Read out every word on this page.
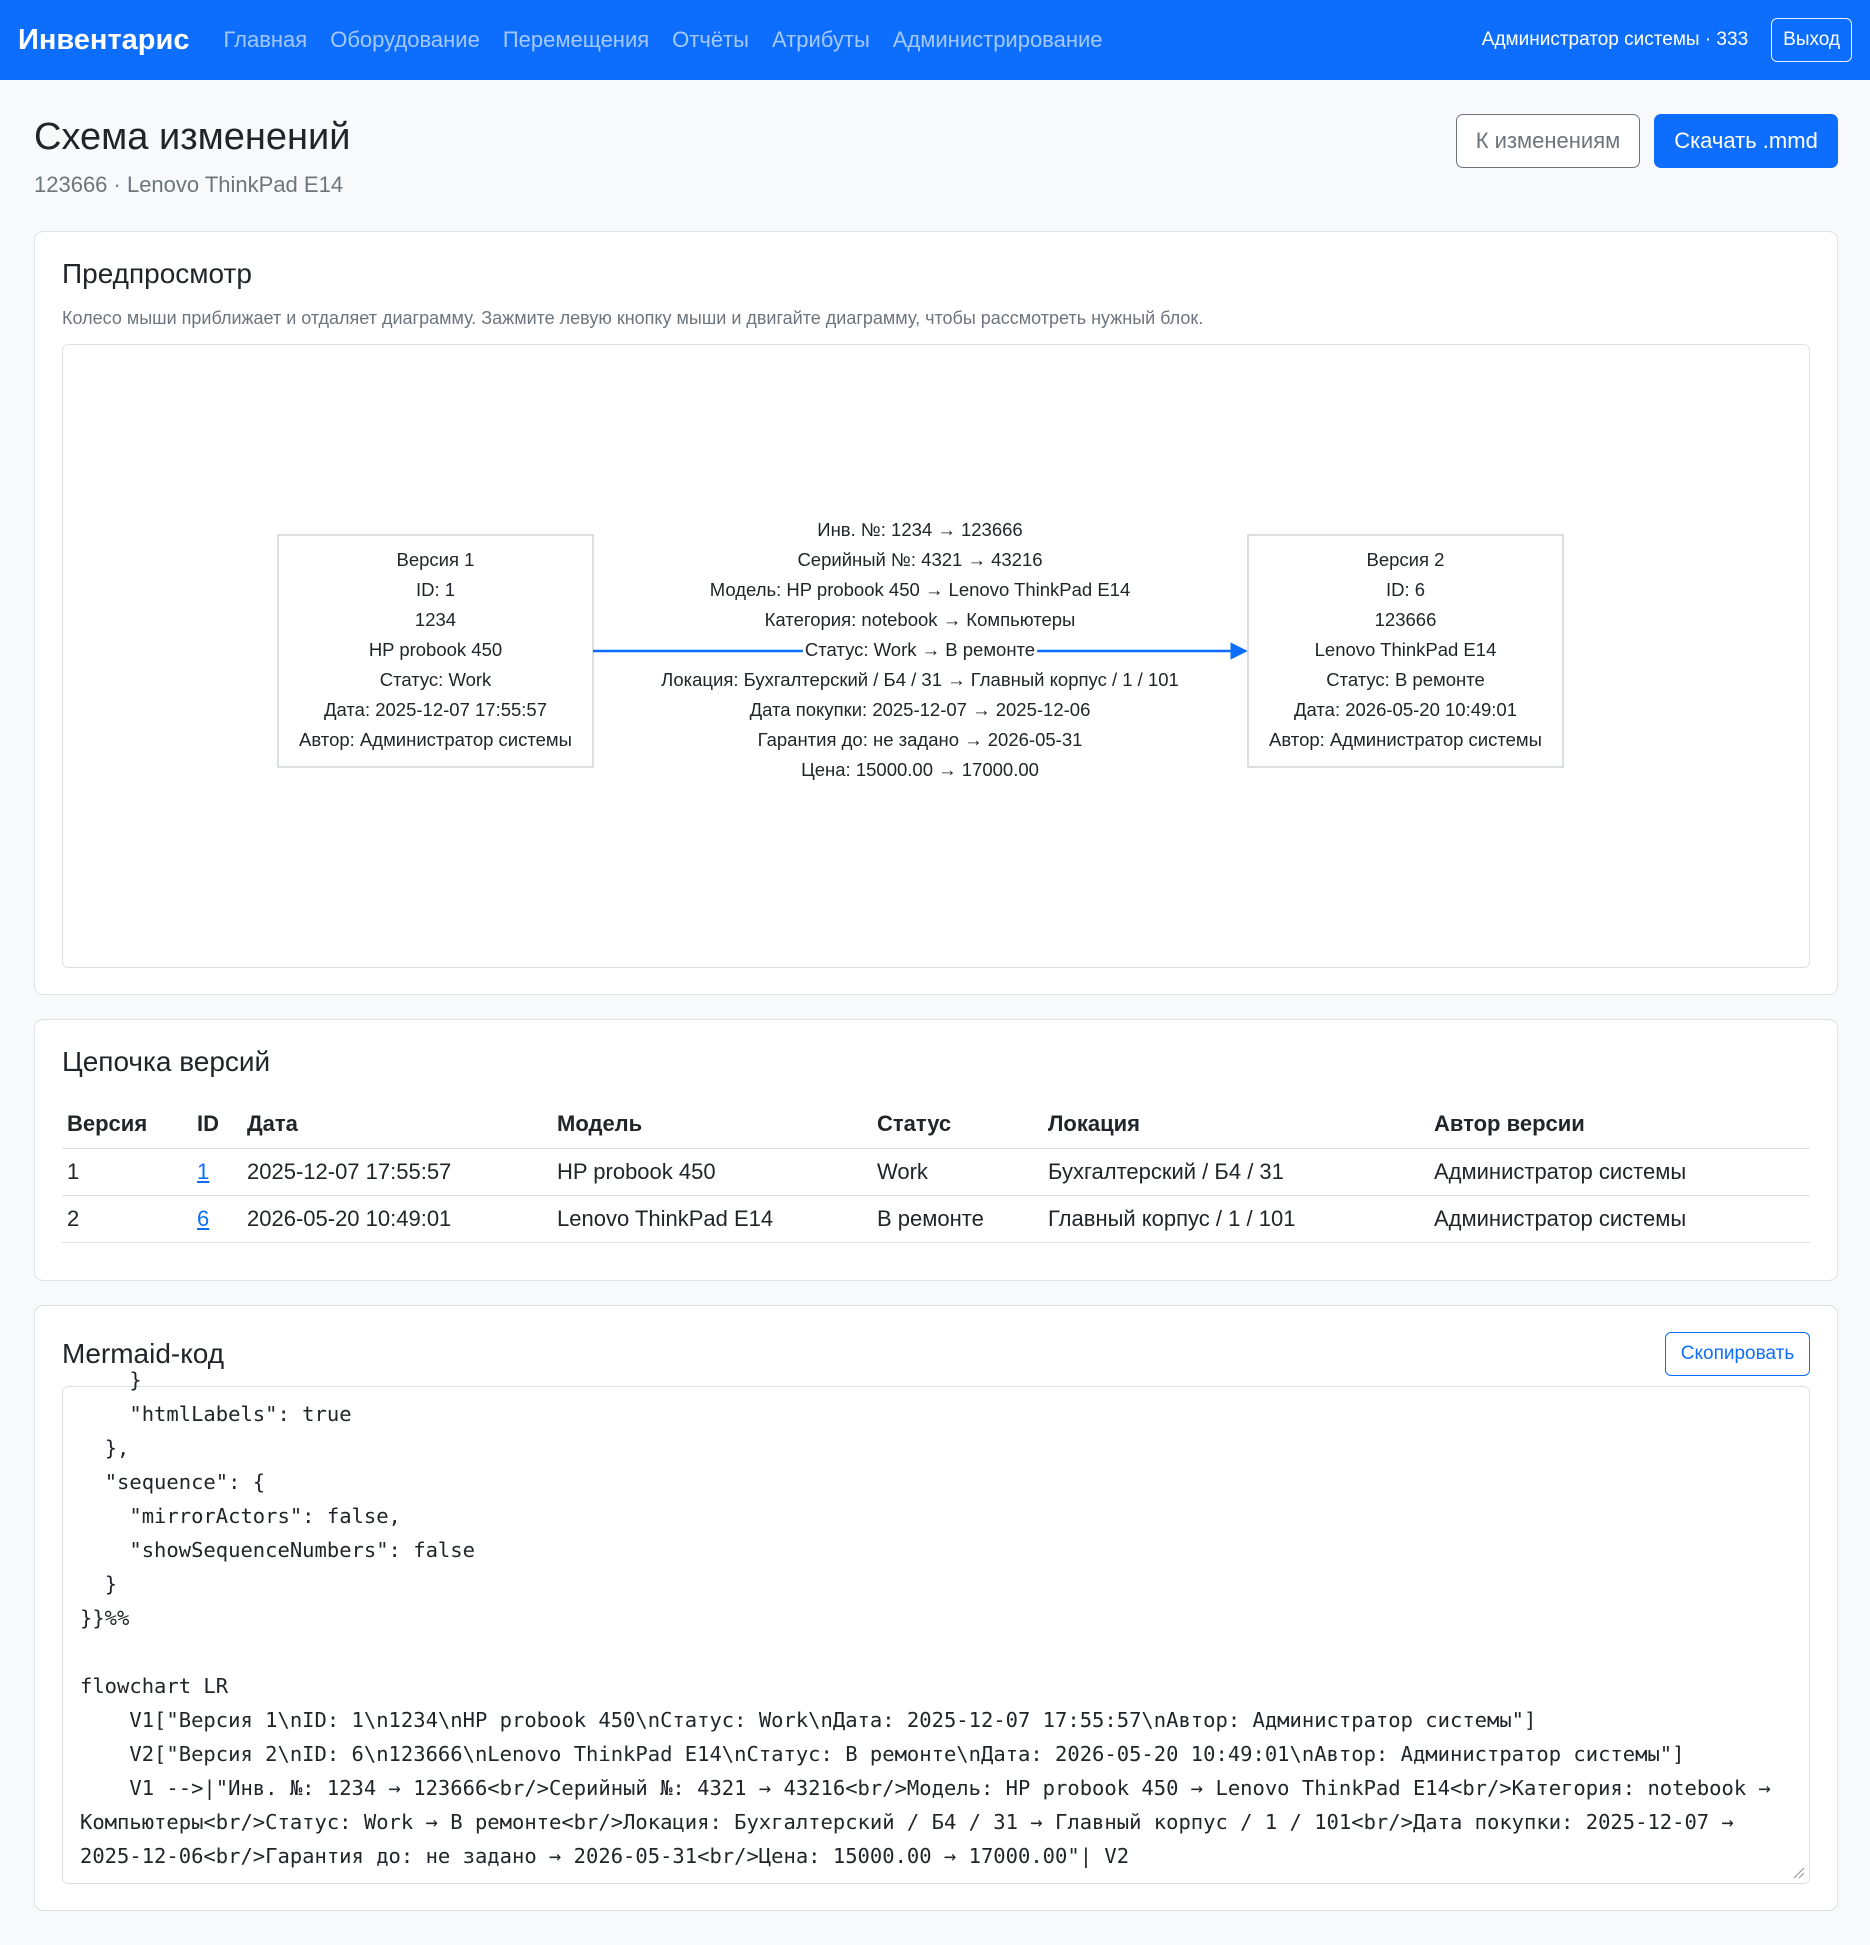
Инвентарис Главная Оборудование Перемещения Отчёты Атрибуты Администрирование	Администратор системы · 333	Выход
Схема изменений
123666 · Lenovo ThinkPad E14
К изменениям	Скачать .mmd
Предпросмотр
Колесо мыши приближает и отдаляет диаграмму. Зажмите левую кнопку мыши и двигайте диаграмму, чтобы рассмотреть нужный блок.
Версия 1
ID: 1
1234
HP probook 450
Статус: Work
Дата: 2025-12-07 17:55:57
Автор: Администратор системы
Версия 2
ID: 6
123666
Lenovo ThinkPad E14
Статус: В ремонте
Дата: 2026-05-20 10:49:01
Автор: Администратор системы
Инв. №: 1234 → 123666
Серийный №: 4321 → 43216
Модель: HP probook 450 → Lenovo ThinkPad E14
Категория: notebook → Компьютеры
Статус: Work → В ремонте
Локация: Бухгалтерский / Б4 / 31 → Главный корпус / 1 / 101
Дата покупки: 2025-12-07 → 2025-12-06
Гарантия до: не задано → 2026-05-31
Цена: 15000.00 → 17000.00
Цепочка версий
Версия	ID	Дата	Модель	Статус	Локация	Автор версии
1	1	2025-12-07 17:55:57	HP probook 450	Work	Бухгалтерский / Б4 / 31	Администратор системы
2	6	2026-05-20 10:49:01	Lenovo ThinkPad E14	В ремонте	Главный корпус / 1 / 101	Администратор системы
Mermaid-код	Скопировать
}
"htmlLabels": true
},
"sequence": {
"mirrorActors": false,
"showSequenceNumbers": false
}
}}%%

flowchart LR
V1["Версия 1\nID: 1\n1234\nHP probook 450\nСтатус: Work\nДата: 2025-12-07 17:55:57\nАвтор: Администратор системы"]
V2["Версия 2\nID: 6\n123666\nLenovo ThinkPad E14\nСтатус: В ремонте\nДата: 2026-05-20 10:49:01\nАвтор: Администратор системы"]
V1 -->|"Инв. №: 1234 → 123666<br/>Серийный №: 4321 → 43216<br/>Модель: HP probook 450 → Lenovo ThinkPad E14<br/>Категория: notebook → Компьютеры<br/>Статус: Work → В ремонте<br/>Локация: Бухгалтерский / Б4 / 31 → Главный корпус / 1 / 101<br/>Дата покупки: 2025-12-07 → 2025-12-06<br/>Гарантия до: не задано → 2026-05-31<br/>Цена: 15000.00 → 17000.00"| V2
